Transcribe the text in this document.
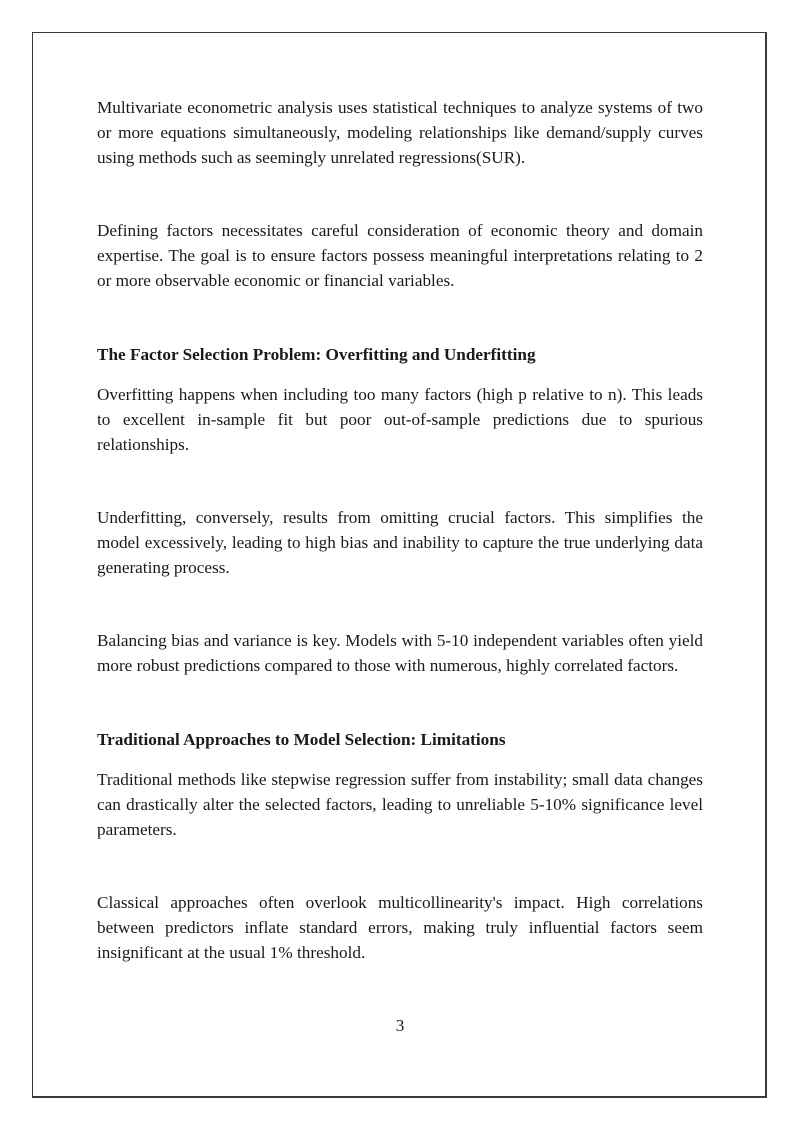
Multivariate econometric analysis uses statistical techniques to analyze systems of two or more equations simultaneously, modeling relationships like demand/supply curves using methods such as seemingly unrelated regressions(SUR).

Defining factors necessitates careful consideration of economic theory and domain expertise. The goal is to ensure factors possess meaningful interpretations relating to 2 or more observable economic or financial variables.

The Factor Selection Problem: Overfitting and Underfitting

Overfitting happens when including too many factors (high p relative to n). This leads to excellent in-sample fit but poor out-of-sample predictions due to spurious relationships.

Underfitting, conversely, results from omitting crucial factors. This simplifies the model excessively, leading to high bias and inability to capture the true underlying data generating process.

Balancing bias and variance is key. Models with 5-10 independent variables often yield more robust predictions compared to those with numerous, highly correlated factors.

Traditional Approaches to Model Selection: Limitations

Traditional methods like stepwise regression suffer from instability; small data changes can drastically alter the selected factors, leading to unreliable 5-10% significance level parameters.

Classical approaches often overlook multicollinearity's impact. High correlations between predictors inflate standard errors, making truly influential factors seem insignificant at the usual 1% threshold.

3
